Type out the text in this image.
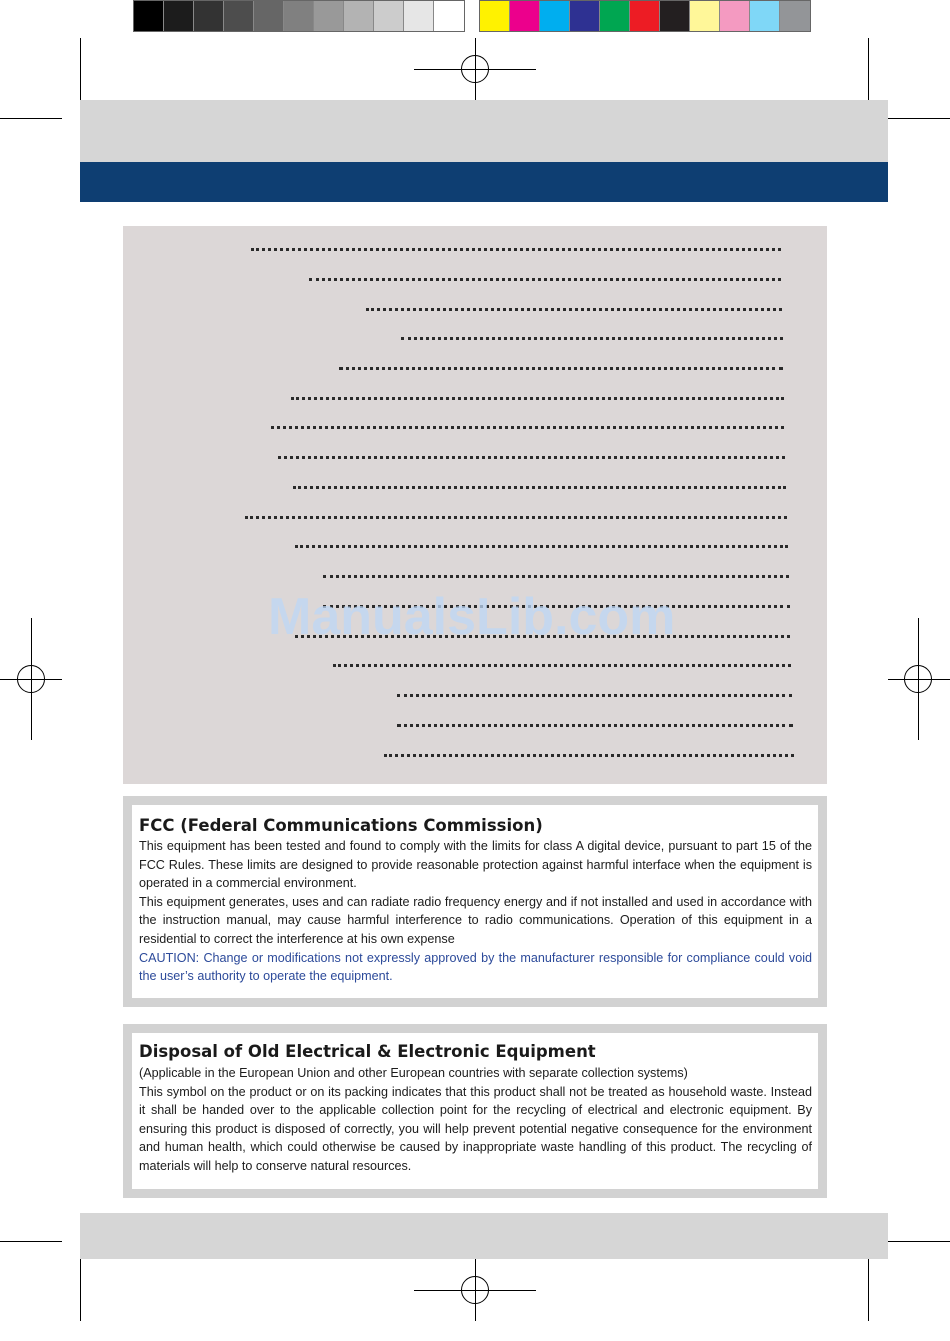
ManualsLib.com
FCC (Federal Communications Commission)

This equipment has been tested and found to comply with the limits for class A digital device, pursuant to part 15 of the FCC Rules. These limits are designed to provide reasonable protection against harmful interface when the equipment is operated in a commercial environment.
This equipment generates, uses and can radiate radio frequency energy and if not installed and used in accordance with the instruction manual, may cause harmful interference to radio communications. Operation of this equipment in a residential to correct the interference at his own expense
CAUTION: Change or modifications not expressly approved by the manufacturer responsible for compliance could void the user’s authority to operate the equipment.

Disposal of Old Electrical & Electronic Equipment

(Applicable in the European Union and other European countries with separate collection systems)
This symbol on the product or on its packing indicates that this product shall not be treated as household waste. Instead it shall be handed over to the applicable collection point for the recycling of electrical and electronic equipment. By ensuring this product is disposed of correctly, you will help prevent potential negative consequence for the environment and human health, which could otherwise be caused by inappropriate waste handling of this product. The recycling of materials will help to conserve natural resources.
